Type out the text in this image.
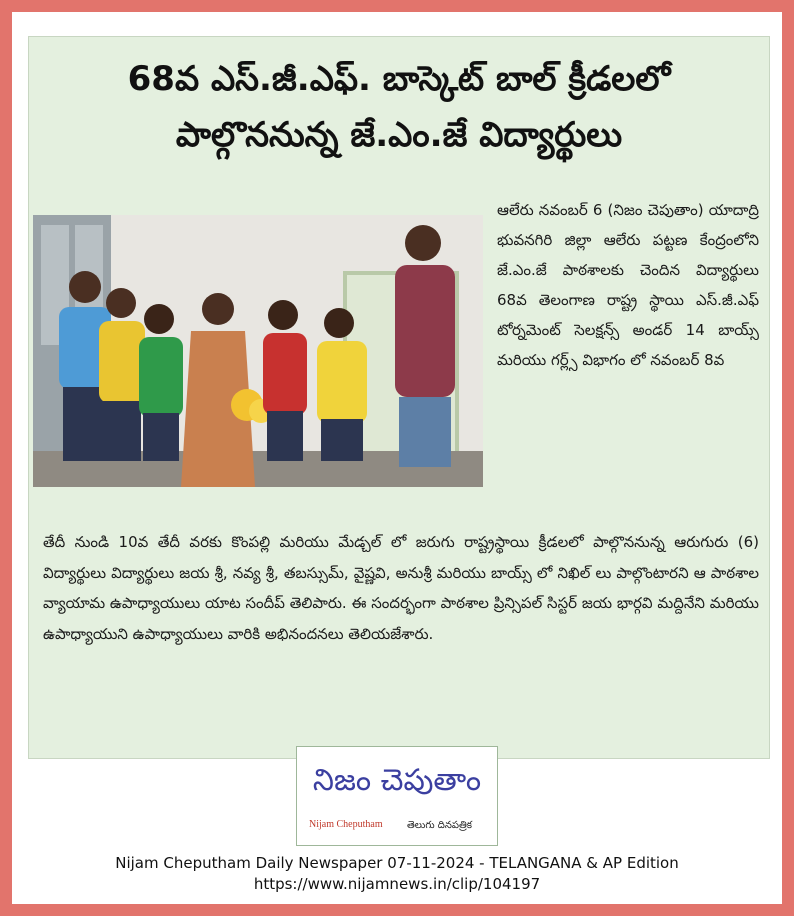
68వ ఎస్.జీ.ఎఫ్. బాస్కెట్ బాల్ క్రీడలలో
పాల్గొననున్న జే.ఎం.జే విద్యార్థులు
ఆలేరు నవంబర్ 6 (నిజం చెపుతాం) యాదాద్రి భువనగిరి జిల్లా ఆలేరు పట్టణ కేంద్రంలోని జే.ఎం.జే పాఠశాలకు చెందిన విద్యార్థులు 68వ తెలంగాణ రాష్ట్ర స్థాయి ఎస్.జీ.ఎఫ్ టోర్నమెంట్ సెలక్షన్స్ అండర్ 14 బాయ్స్ మరియు గర్ల్స్ విభాగం లో నవంబర్ 8వ
తేదీ నుండి 10వ తేదీ వరకు కొంపల్లి మరియు మేడ్చల్ లో జరుగు రాష్ట్రస్థాయి క్రీడలలో పాల్గొననున్న ఆరుగురు (6) విద్యార్థులు విద్యార్థులు జయ శ్రీ, నవ్య శ్రీ, తబస్సుమ్, వైష్ణవి, అనుశ్రీ మరియు బాయ్స్ లో నిఖిల్ లు పాల్గొంటారని ఆ పాఠశాల వ్యాయామ ఉపాధ్యాయులు యాట సందీప్ తెలిపారు. ఈ సందర్భంగా పాఠశాల ప్రిన్సిపల్ సిస్టర్ జయ భార్గవి మద్దినేని మరియు ఉపాధ్యాయుని ఉపాధ్యాయులు వారికి అభినందనలు తెలియజేశారు.
నిజం చెపుతాం
Nijam Cheputham తెలుగు దినపత్రిక
Nijam Cheputham Daily Newspaper 07-11-2024 - TELANGANA & AP Edition
https://www.nijamnews.in/clip/104197
